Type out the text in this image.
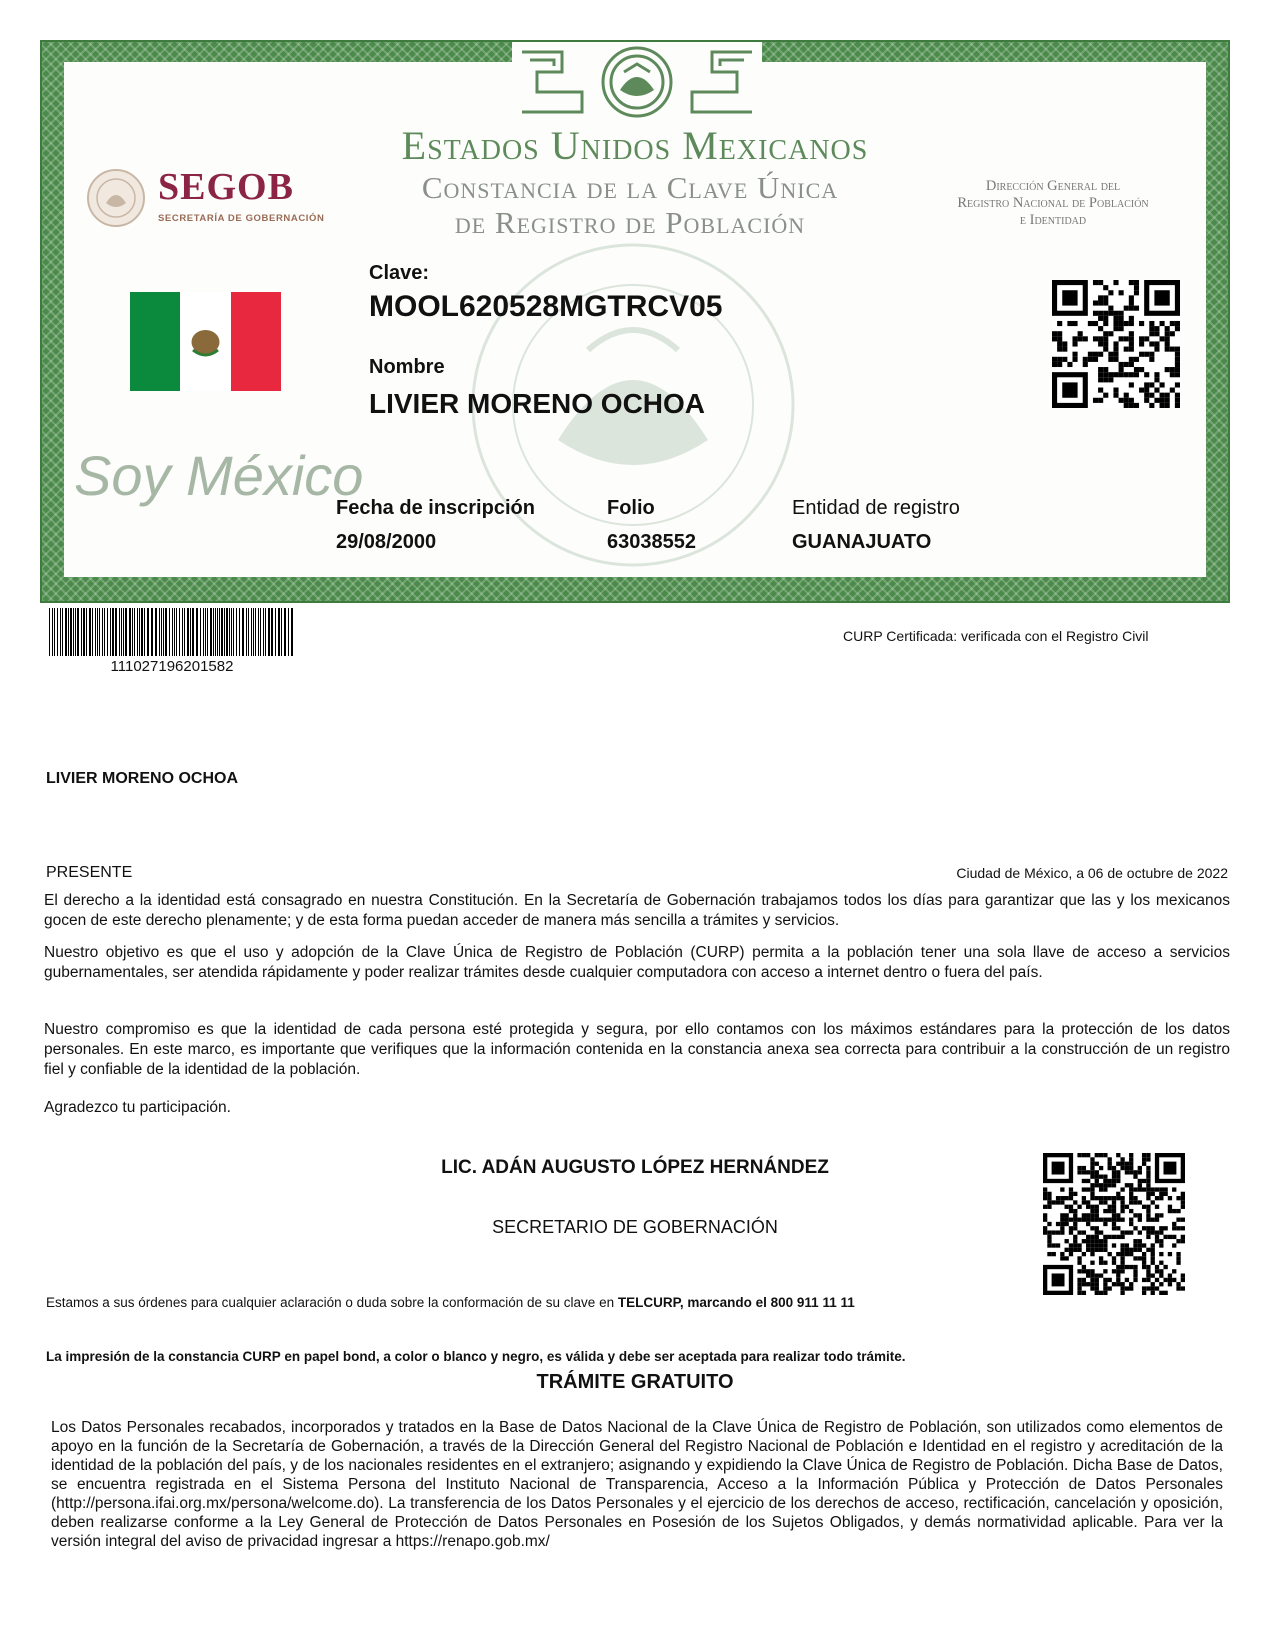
Estados Unidos Mexicanos
Constancia de la Clave Única
de Registro de Población
Dirección General del
Registro Nacional de Población
e Identidad
SEGOB
SECRETARÍA DE GOBERNACIÓN
Soy México
Clave:
MOOL620528MGTRCV05
Nombre
LIVIER MORENO OCHOA
Fecha de inscripción
29/08/2000
Folio
63038552
Entidad de registro
GUANAJUATO
111027196201582
CURP Certificada: verificada con el Registro Civil
LIVIER MORENO OCHOA
PRESENTE	Ciudad de México, a 06 de octubre de 2022
El derecho a la identidad está consagrado en nuestra Constitución. En la Secretaría de Gobernación trabajamos todos los días para garantizar que las y los mexicanos gocen de este derecho plenamente; y de esta forma puedan acceder de manera más sencilla a trámites y servicios.
Nuestro objetivo es que el uso y adopción de la Clave Única de Registro de Población (CURP) permita a la población tener una sola llave de acceso a servicios gubernamentales, ser atendida rápidamente y poder realizar trámites desde cualquier computadora con acceso a internet dentro o fuera del país.
Nuestro compromiso es que la identidad de cada persona esté protegida y segura, por ello contamos con los máximos estándares para la protección de los datos personales. En este marco, es importante que verifiques que la información contenida en la constancia anexa sea correcta para contribuir a la construcción de un registro fiel y confiable de la identidad de la población.
Agradezco tu participación.
LIC. ADÁN AUGUSTO LÓPEZ HERNÁNDEZ
SECRETARIO DE GOBERNACIÓN
Estamos a sus órdenes para cualquier aclaración o duda sobre la conformación de su clave en TELCURP, marcando el 800 911 11 11
La impresión de la constancia CURP en papel bond, a color o blanco y negro, es válida y debe ser aceptada para realizar todo trámite.
TRÁMITE GRATUITO
Los Datos Personales recabados, incorporados y tratados en la Base de Datos Nacional de la Clave Única de Registro de Población, son utilizados como elementos de apoyo en la función de la Secretaría de Gobernación, a través de la Dirección General del Registro Nacional de Población e Identidad en el registro y acreditación de la identidad de la población del país, y de los nacionales residentes en el extranjero; asignando y expidiendo la Clave Única de Registro de Población. Dicha Base de Datos, se encuentra registrada en el Sistema Persona del Instituto Nacional de Transparencia, Acceso a la Información Pública y Protección de Datos Personales (http://persona.ifai.org.mx/persona/welcome.do). La transferencia de los Datos Personales y el ejercicio de los derechos de acceso, rectificación, cancelación y oposición, deben realizarse conforme a la Ley General de Protección de Datos Personales en Posesión de los Sujetos Obligados, y demás normatividad aplicable. Para ver la versión integral del aviso de privacidad ingresar a https://renapo.gob.mx/
